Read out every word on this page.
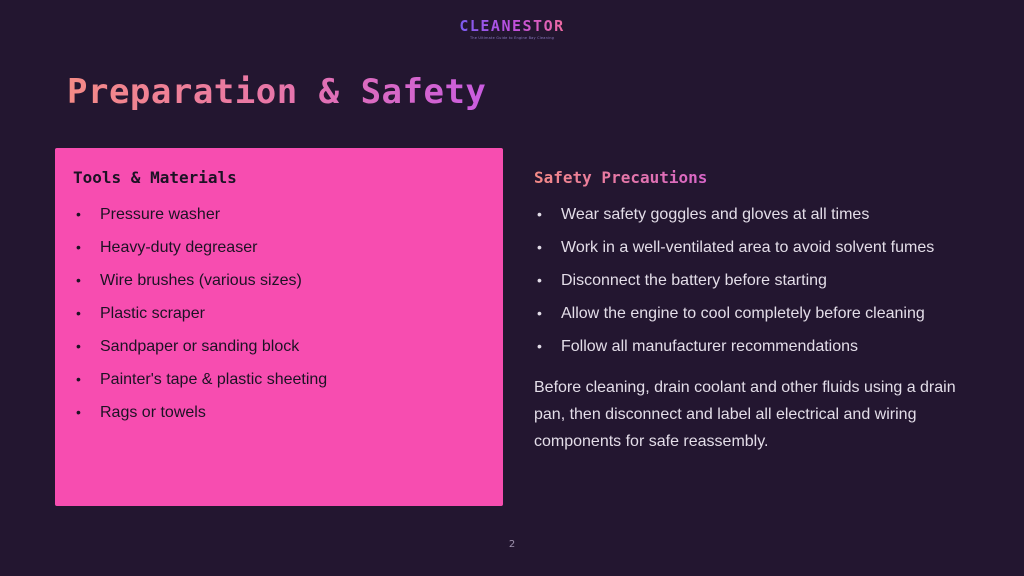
CLEANESTOR
The Ultimate Guide to Engine Bay Cleaning
Preparation & Safety
Tools & Materials
• Pressure washer
• Heavy-duty degreaser
• Wire brushes (various sizes)
• Plastic scraper
• Sandpaper or sanding block
• Painter's tape & plastic sheeting
• Rags or towels
Safety Precautions
• Wear safety goggles and gloves at all times
• Work in a well-ventilated area to avoid solvent fumes
• Disconnect the battery before starting
• Allow the engine to cool completely before cleaning
• Follow all manufacturer recommendations

Before cleaning, drain coolant and other fluids using a drain pan, then disconnect and label all electrical and wiring components for safe reassembly.

2
